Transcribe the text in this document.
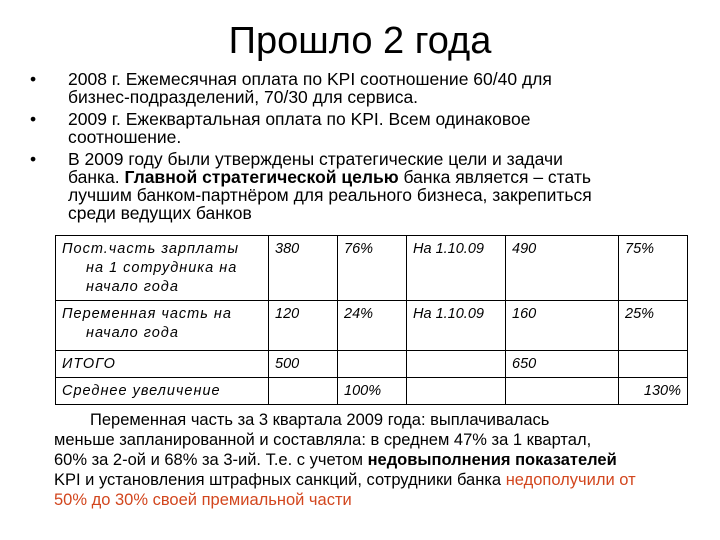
Прошло 2 года
• 2008 г. Ежемесячная оплата по KPI соотношение 60/40 для
бизнес-подразделений, 70/30 для сервиса.
• 2009 г. Ежеквартальная оплата по KPI. Всем одинаковое
соотношение.
• В 2009 году были утверждены стратегические цели и задачи
банка. Главной стратегической целью банка является – стать
лучшим банком-партнёром для реального бизнеса, закрепиться
среди ведущих банков
Пост.часть зарплаты
на 1 сотрудника на
начало года	380	76%	На 1.10.09	490	75%

Переменная часть на
начало года	120	24%	На 1.10.09	160	25%
ИТОГО	500			650	
Среднее увеличение		100%			130%
Переменная часть за 3 квартала 2009 года: выплачивалась
меньше запланированной и составляла: в среднем 47% за 1 квартал,
60% за 2-ой и 68% за 3-ий. Т.е. с учетом недовыполнения показателей
KPI и установления штрафных санкций, сотрудники банка недополучили от
50% до 30% своей премиальной части
